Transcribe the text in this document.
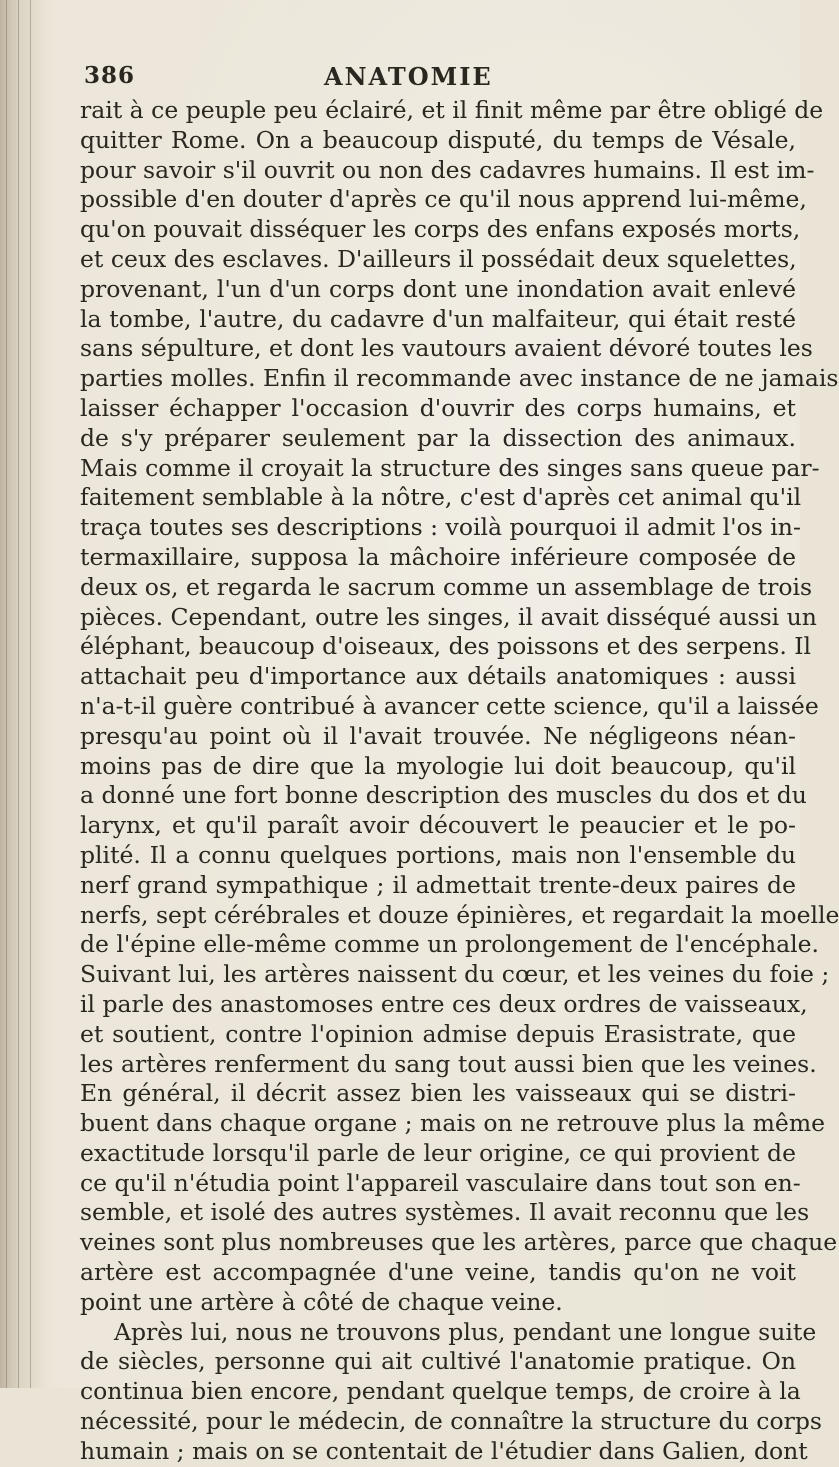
386	ANATOMIE
rait à ce peuple peu éclairé, et il finit même par être obligé de
quitter Rome. On a beaucoup disputé, du temps de Vésale,
pour savoir s'il ouvrit ou non des cadavres humains. Il est im-
possible d'en douter d'après ce qu'il nous apprend lui-même,
qu'on pouvait disséquer les corps des enfans exposés morts,
et ceux des esclaves. D'ailleurs il possédait deux squelettes,
provenant, l'un d'un corps dont une inondation avait enlevé
la tombe, l'autre, du cadavre d'un malfaiteur, qui était resté
sans sépulture, et dont les vautours avaient dévoré toutes les
parties molles. Enfin il recommande avec instance de ne jamais
laisser échapper l'occasion d'ouvrir des corps humains, et
de s'y préparer seulement par la dissection des animaux.
Mais comme il croyait la structure des singes sans queue par-
faitement semblable à la nôtre, c'est d'après cet animal qu'il
traça toutes ses descriptions : voilà pourquoi il admit l'os in-
termaxillaire, supposa la mâchoire inférieure composée de
deux os, et regarda le sacrum comme un assemblage de trois
pièces. Cependant, outre les singes, il avait disséqué aussi un
éléphant, beaucoup d'oiseaux, des poissons et des serpens. Il
attachait peu d'importance aux détails anatomiques : aussi
n'a-t-il guère contribué à avancer cette science, qu'il a laissée
presqu'au point où il l'avait trouvée. Ne négligeons néan-
moins pas de dire que la myologie lui doit beaucoup, qu'il
a donné une fort bonne description des muscles du dos et du
larynx, et qu'il paraît avoir découvert le peaucier et le po-
plité. Il a connu quelques portions, mais non l'ensemble du
nerf grand sympathique ; il admettait trente-deux paires de
nerfs, sept cérébrales et douze épinières, et regardait la moelle
de l'épine elle-même comme un prolongement de l'encéphale.
Suivant lui, les artères naissent du cœur, et les veines du foie ;
il parle des anastomoses entre ces deux ordres de vaisseaux,
et soutient, contre l'opinion admise depuis Erasistrate, que
les artères renferment du sang tout aussi bien que les veines.
En général, il décrit assez bien les vaisseaux qui se distri-
buent dans chaque organe ; mais on ne retrouve plus la même
exactitude lorsqu'il parle de leur origine, ce qui provient de
ce qu'il n'étudia point l'appareil vasculaire dans tout son en-
semble, et isolé des autres systèmes. Il avait reconnu que les
veines sont plus nombreuses que les artères, parce que chaque
artère est accompagnée d'une veine, tandis qu'on ne voit
point une artère à côté de chaque veine.
Après lui, nous ne trouvons plus, pendant une longue suite
de siècles, personne qui ait cultivé l'anatomie pratique. On
continua bien encore, pendant quelque temps, de croire à la
nécessité, pour le médecin, de connaître la structure du corps
humain ; mais on se contentait de l'étudier dans Galien, dont
